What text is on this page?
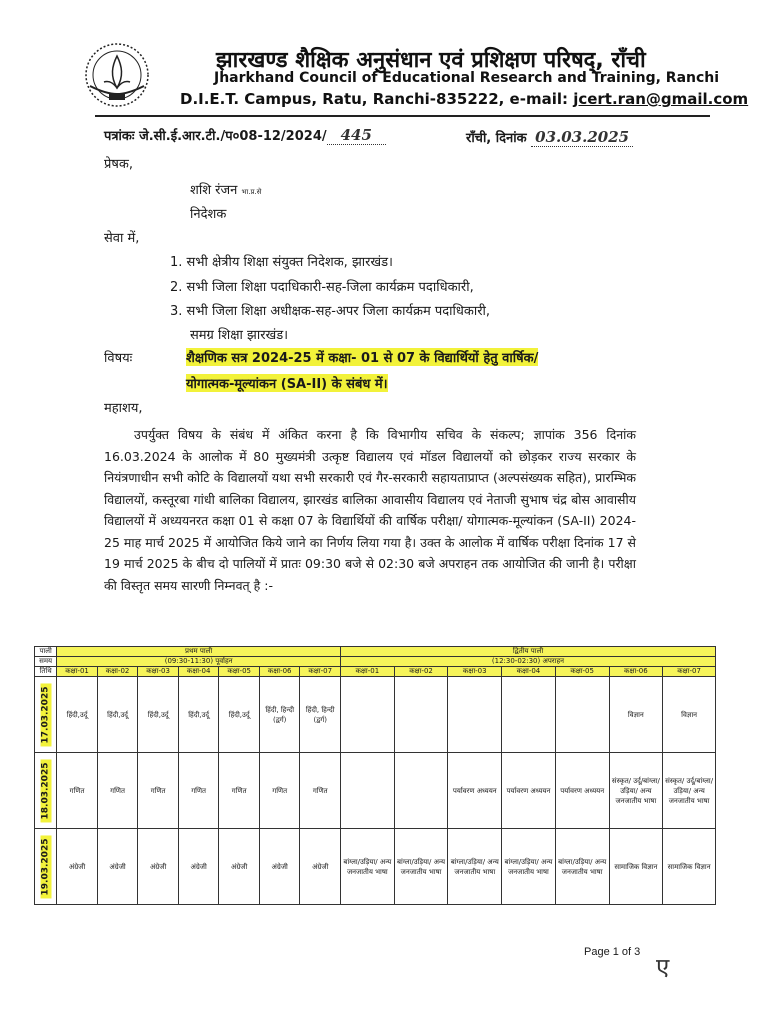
झारखण्ड शैक्षिक अनुसंधान एवं प्रशिक्षण परिषद्, राँची
Jharkhand Council of Educational Research and Training, Ranchi
D.I.E.T. Campus, Ratu, Ranchi-835222, e-mail: jcert.ran@gmail.com
पत्रांकः जे.सी.ई.आर.टी./प०08-12/2024/ 445	राँची, दिनांक 03.03.2025
प्रेषक,
शशि रंजन भा.प्र.से
निदेशक
सेवा में,
1. सभी क्षेत्रीय शिक्षा संयुक्त निदेशक, झारखंड।
2. सभी जिला शिक्षा पदाधिकारी-सह-जिला कार्यक्रम पदाधिकारी,
3. सभी जिला शिक्षा अधीक्षक-सह-अपर जिला कार्यक्रम पदाधिकारी,
समग्र शिक्षा झारखंड।
विषयः	शैक्षणिक सत्र 2024-25 में कक्षा- 01 से 07 के विद्यार्थियों हेतु वार्षिक/
योगात्मक-मूल्यांकन (SA-II) के संबंध में।
महाशय,
उपर्युक्त विषय के संबंध में अंकित करना है कि विभागीय सचिव के संकल्प; ज्ञापांक 356 दिनांक 16.03.2024 के आलोक में 80 मुख्यमंत्री उत्कृष्ट विद्यालय एवं मॉडल विद्यालयों को छोड़कर राज्य सरकार के नियंत्रणाधीन सभी कोटि के विद्यालयों यथा सभी सरकारी एवं गैर-सरकारी सहायताप्राप्त (अल्पसंख्यक सहित), प्रारम्भिक विद्यालयों, कस्तूरबा गांधी बालिका विद्यालय, झारखंड बालिका आवासीय विद्यालय एवं नेताजी सुभाष चंद्र बोस आवासीय विद्यालयों में अध्ययनरत कक्षा 01 से कक्षा 07 के विद्यार्थियों की वार्षिक परीक्षा/ योगात्मक-मूल्यांकन (SA-II) 2024-25 माह मार्च 2025 में आयोजित किये जाने का निर्णय लिया गया है। उक्त के आलोक में वार्षिक परीक्षा दिनांक 17 से 19 मार्च 2025 के बीच दो पालियों में प्रातः 09:30 बजे से 02:30 बजे अपराहन तक आयोजित की जानी है। परीक्षा की विस्तृत समय सारणी निम्नवत् है :-
पाली	प्रथम पाली							द्वितीय पाली						
समय	(09:30-11:30) पूर्वाहन							(12:30-02:30) अपराहन						
तिथि	कक्षा-01	कक्षा-02	कक्षा-03	कक्षा-04	कक्षा-05	कक्षा-06	कक्षा-07	कक्षा-01	कक्षा-02	कक्षा-03	कक्षा-04	कक्षा-05	कक्षा-06	कक्षा-07

17.03.2025	हिंदी,उर्दू	हिंदी,उर्दू	हिंदी,उर्दू	हिंदी,उर्दू	हिंदी,उर्दू	हिंदी, हिन्दी (द्वर्ग)	हिंदी, हिन्दी (द्वर्ग)						विज्ञान	विज्ञान

18.03.2025	गणित	गणित	गणित	गणित	गणित	गणित	गणित			पर्यावरण अध्ययन	पर्यावरण अध्ययन	पर्यावरण अध्ययन	संस्कृत/ उर्दू/बांग्ला/ उड़िया/ अन्य जनजातीय भाषा	संस्कृत/ उर्दू/बांग्ला/ उड़िया/ अन्य जनजातीय भाषा

19.03.2025	अंग्रेजी	अंग्रेजी	अंग्रेजी	अंग्रेजी	अंग्रेजी	अंग्रेजी	अंग्रेजी	बांग्ला/उड़िया/ अन्य जनजातीय भाषा	बांग्ला/उड़िया/ अन्य जनजातीय भाषा	बांग्ला/उड़िया/ अन्य जनजातीय भाषा	बांग्ला/उड़िया/ अन्य जनजातीय भाषा	बांग्ला/उड़िया/ अन्य जनजातीय भाषा	सामाजिक विज्ञान	सामाजिक विज्ञान
Page 1 of 3
ए
